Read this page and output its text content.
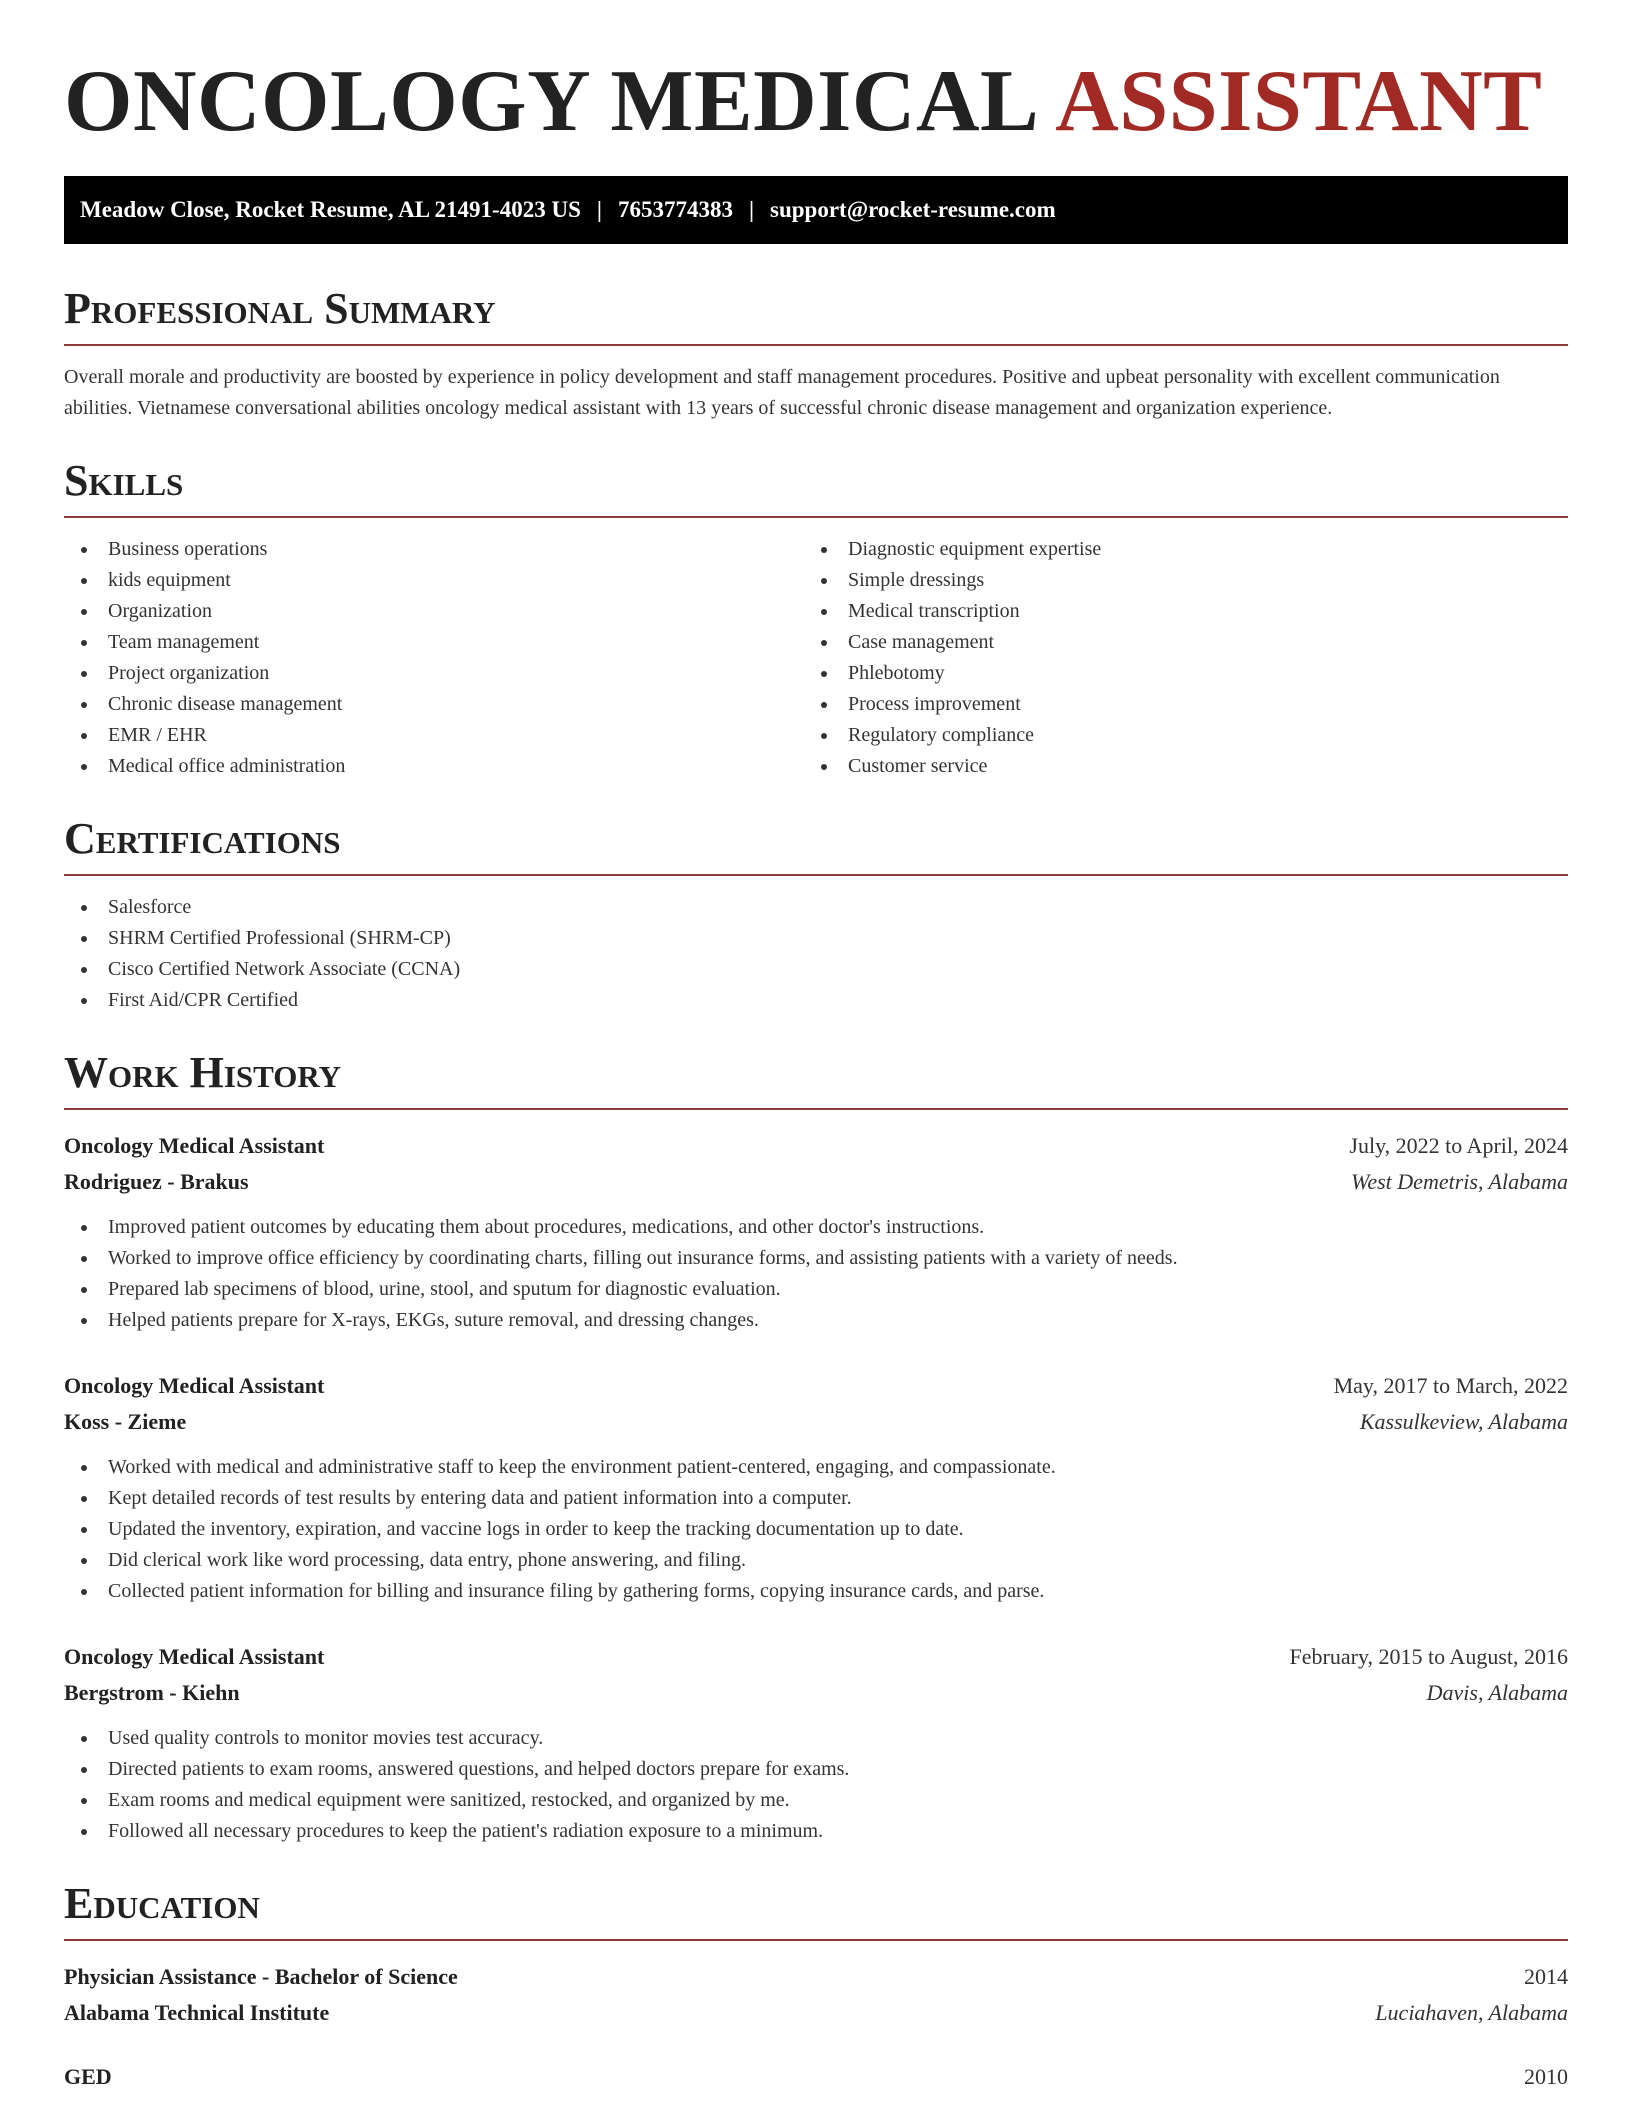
ONCOLOGY MEDICAL ASSISTANT
Meadow Close, Rocket Resume, AL 21491-4023 US | 7653774383 | support@rocket-resume.com
Professional Summary

Overall morale and productivity are boosted by experience in policy development and staff management procedures. Positive and upbeat personality with excellent communication abilities. Vietnamese conversational abilities oncology medical assistant with 13 years of successful chronic disease management and organization experience.

Skills
Business operations
kids equipment
Organization
Team management
Project organization
Chronic disease management
EMR / EHR
Medical office administration
Diagnostic equipment expertise
Simple dressings
Medical transcription
Case management
Phlebotomy
Process improvement
Regulatory compliance
Customer service
Certifications
Salesforce
SHRM Certified Professional (SHRM-CP)
Cisco Certified Network Associate (CCNA)
First Aid/CPR Certified
Work History
Oncology Medical Assistant	July, 2022 to April, 2024
Rodriguez - Brakus	West Demetris, Alabama
Improved patient outcomes by educating them about procedures, medications, and other doctor's instructions.
Worked to improve office efficiency by coordinating charts, filling out insurance forms, and assisting patients with a variety of needs.
Prepared lab specimens of blood, urine, stool, and sputum for diagnostic evaluation.
Helped patients prepare for X-rays, EKGs, suture removal, and dressing changes.
Oncology Medical Assistant	May, 2017 to March, 2022
Koss - Zieme	Kassulkeview, Alabama
Worked with medical and administrative staff to keep the environment patient-centered, engaging, and compassionate.
Kept detailed records of test results by entering data and patient information into a computer.
Updated the inventory, expiration, and vaccine logs in order to keep the tracking documentation up to date.
Did clerical work like word processing, data entry, phone answering, and filing.
Collected patient information for billing and insurance filing by gathering forms, copying insurance cards, and parse.
Oncology Medical Assistant	February, 2015 to August, 2016
Bergstrom - Kiehn	Davis, Alabama
Used quality controls to monitor movies test accuracy.
Directed patients to exam rooms, answered questions, and helped doctors prepare for exams.
Exam rooms and medical equipment were sanitized, restocked, and organized by me.
Followed all necessary procedures to keep the patient's radiation exposure to a minimum.
Education
Physician Assistance - Bachelor of Science	2014
Alabama Technical Institute	Luciahaven, Alabama
GED	2010
